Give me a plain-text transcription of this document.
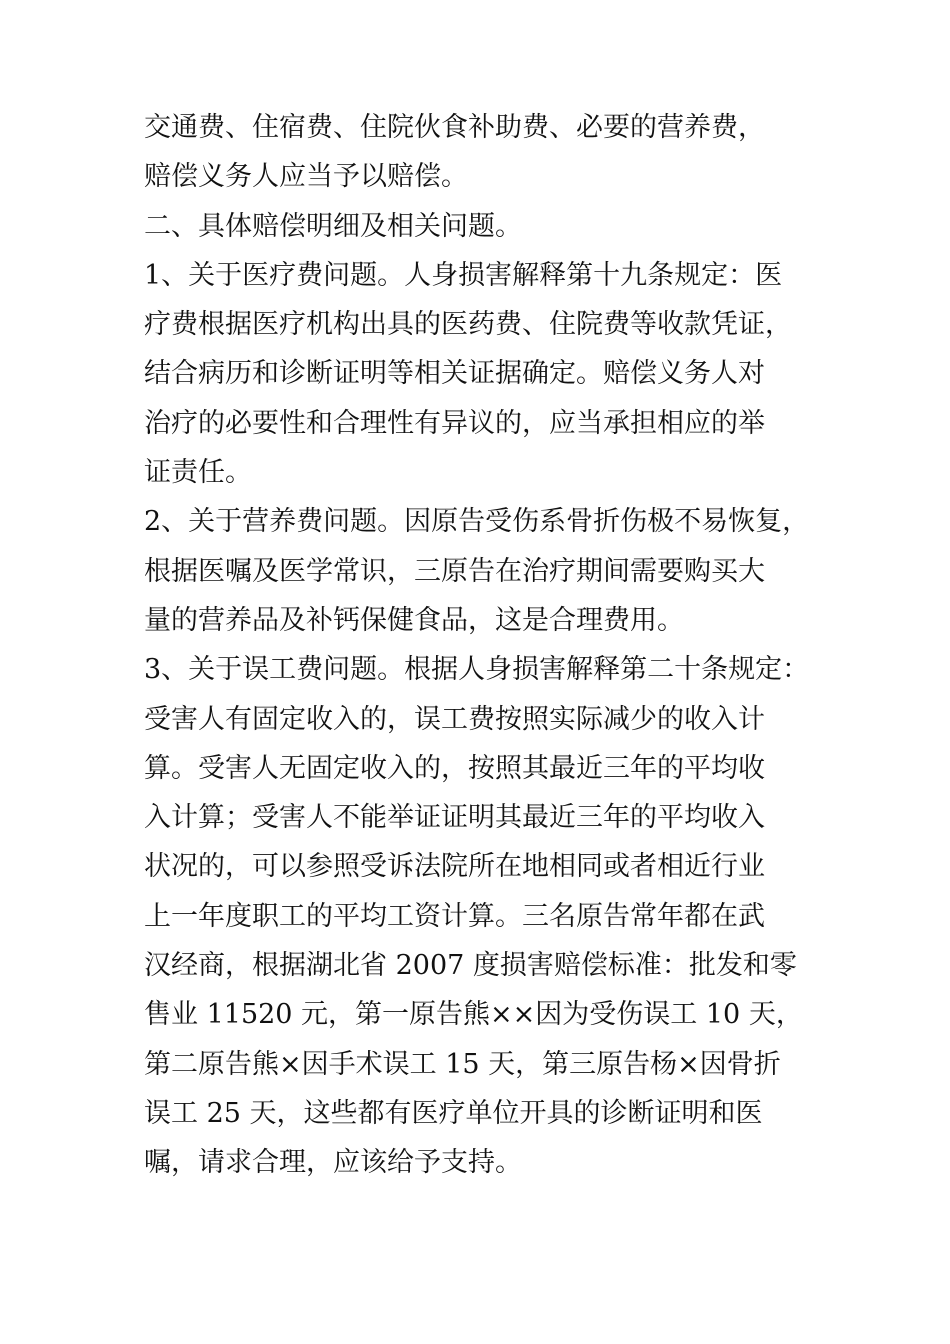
交通费、住宿费、住院伙食补助费、必要的营养费，
赔偿义务人应当予以赔偿。
二、具体赔偿明细及相关问题。
1、关于医疗费问题。人身损害解释第十九条规定：医
疗费根据医疗机构出具的医药费、住院费等收款凭证，
结合病历和诊断证明等相关证据确定。赔偿义务人对
治疗的必要性和合理性有异议的，应当承担相应的举
证责任。
2、关于营养费问题。因原告受伤系骨折伤极不易恢复，
根据医嘱及医学常识，三原告在治疗期间需要购买大
量的营养品及补钙保健食品，这是合理费用。
3、关于误工费问题。根据人身损害解释第二十条规定：
受害人有固定收入的，误工费按照实际减少的收入计
算。受害人无固定收入的，按照其最近三年的平均收
入计算；受害人不能举证证明其最近三年的平均收入
状况的，可以参照受诉法院所在地相同或者相近行业
上一年度职工的平均工资计算。三名原告常年都在武
汉经商，根据湖北省 2007 度损害赔偿标准：批发和零
售业 11520 元，第一原告熊××因为受伤误工 10 天，
第二原告熊×因手术误工 15 天，第三原告杨×因骨折
误工 25 天，这些都有医疗单位开具的诊断证明和医
嘱，请求合理，应该给予支持。
